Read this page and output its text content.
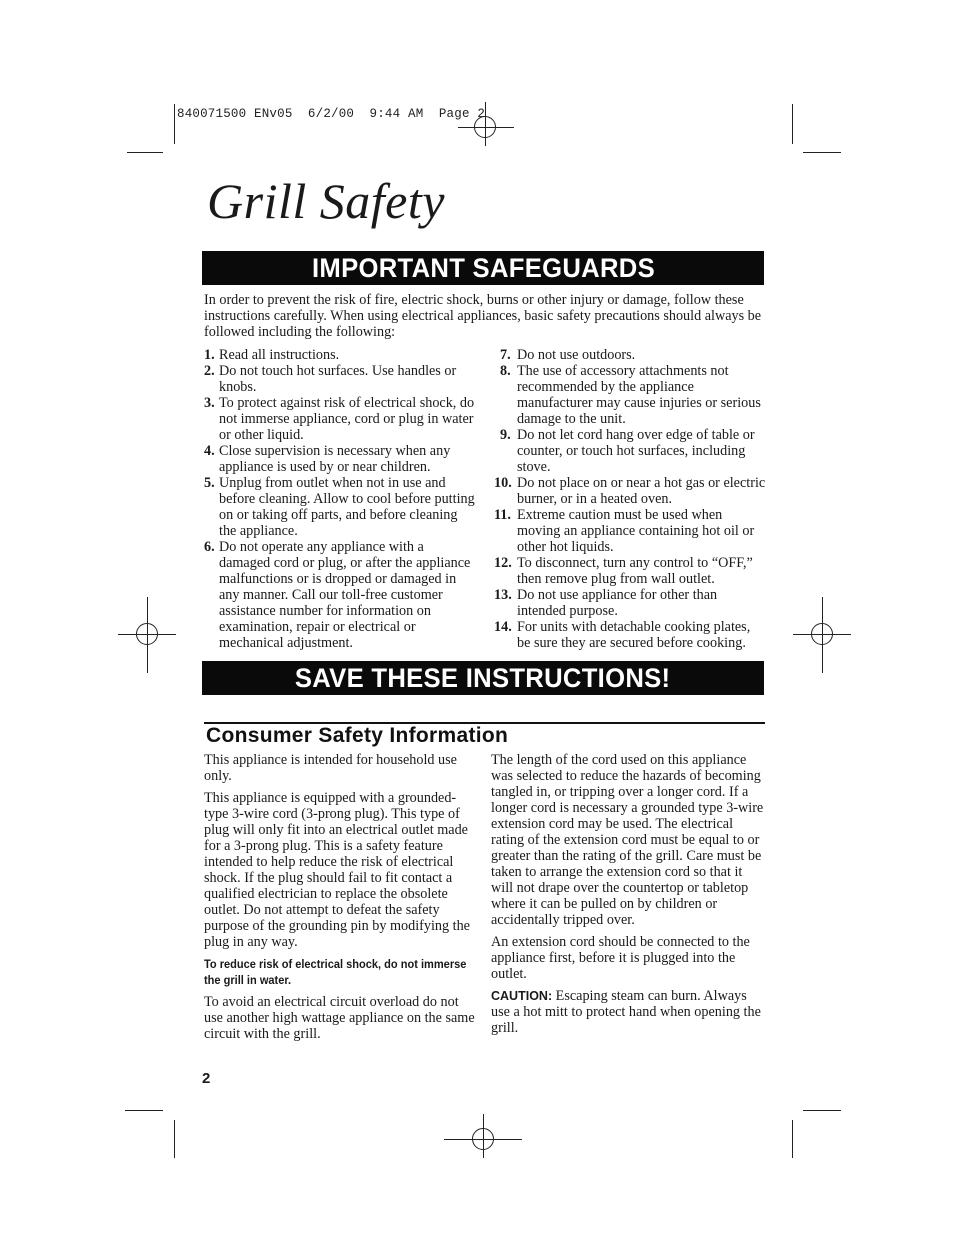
840071500 ENv05  6/2/00  9:44 AM  Page 2
Grill Safety
IMPORTANT SAFEGUARDS
In order to prevent the risk of fire, electric shock, burns or other injury or damage, follow these instructions carefully. When using electrical appliances, basic safety precautions should always be followed including the following:
1. Read all instructions.
2. Do not touch hot surfaces. Use handles or knobs.
3. To protect against risk of electrical shock, do not immerse appliance, cord or plug in water or other liquid.
4. Close supervision is necessary when any appliance is used by or near children.
5. Unplug from outlet when not in use and before cleaning. Allow to cool before putting on or taking off parts, and before cleaning the appliance.
6. Do not operate any appliance with a damaged cord or plug, or after the appliance malfunctions or is dropped or damaged in any manner. Call our toll-free customer assistance number for information on examination, repair or electrical or mechanical adjustment.
7. Do not use outdoors.
8. The use of accessory attachments not recommended by the appliance manufacturer may cause injuries or serious damage to the unit.
9. Do not let cord hang over edge of table or counter, or touch hot surfaces, including stove.
10. Do not place on or near a hot gas or electric burner, or in a heated oven.
11. Extreme caution must be used when moving an appliance containing hot oil or other hot liquids.
12. To disconnect, turn any control to “OFF,” then remove plug from wall outlet.
13. Do not use appliance for other than intended purpose.
14. For units with detachable cooking plates, be sure they are secured before cooking.
SAVE THESE INSTRUCTIONS!
Consumer Safety Information

This appliance is intended for household use only.

This appliance is equipped with a grounded-type 3-wire cord (3-prong plug). This type of plug will only fit into an electrical outlet made for a 3-prong plug. This is a safety feature intended to help reduce the risk of electrical shock. If the plug should fail to fit contact a qualified electrician to replace the obsolete outlet. Do not attempt to defeat the safety purpose of the grounding pin by modifying the plug in any way.

To reduce risk of electrical shock, do not immerse the grill in water.

To avoid an electrical circuit overload do not use another high wattage appliance on the same circuit with the grill.

The length of the cord used on this appliance was selected to reduce the hazards of becoming tangled in, or tripping over a longer cord. If a longer cord is necessary a grounded type 3-wire extension cord may be used. The electrical rating of the extension cord must be equal to or greater than the rating of the grill. Care must be taken to arrange the extension cord so that it will not drape over the countertop or tabletop where it can be pulled on by children or accidentally tripped over.

An extension cord should be connected to the appliance first, before it is plugged into the outlet.

CAUTION: Escaping steam can burn. Always use a hot mitt to protect hand when opening the grill.

2
